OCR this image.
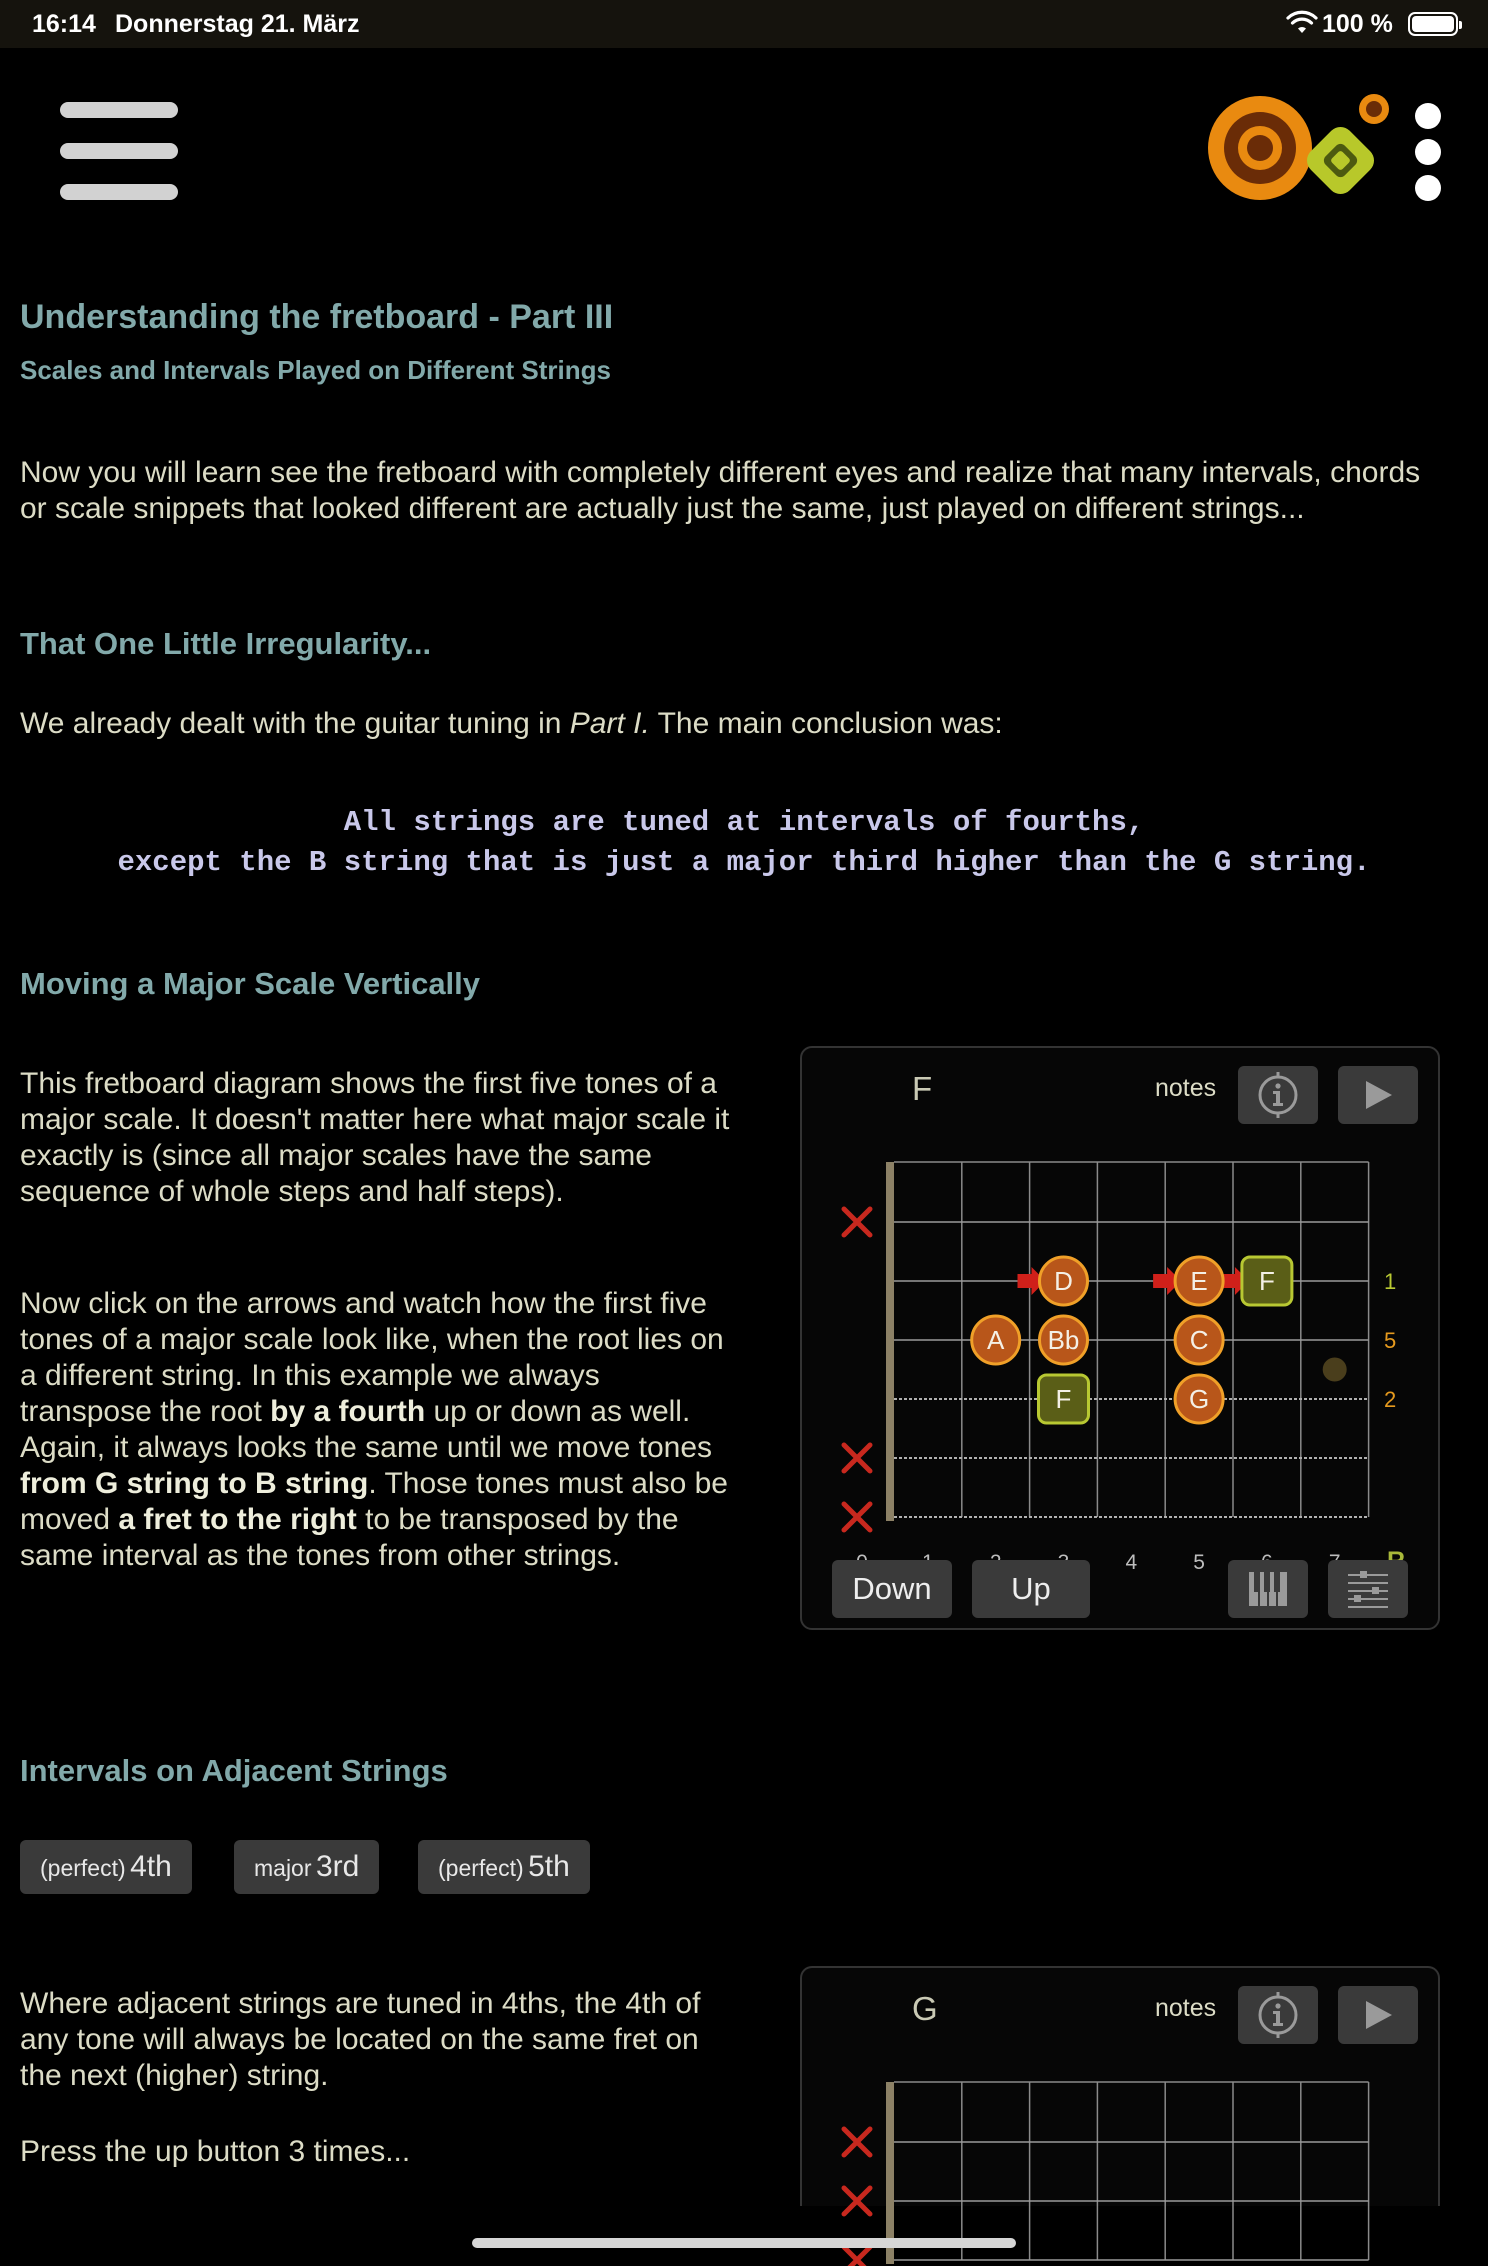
16:14 Donnerstag 21. März	100 %
Understanding the fretboard - Part III
Scales and Intervals Played on Different Strings
Now you will learn see the fretboard with completely different eyes and realize that many intervals, chords or scale snippets that looked different are actually just the same, just played on different strings...
That One Little Irregularity...
We already dealt with the guitar tuning in Part I. The main conclusion was:
All strings are tuned at intervals of fourths,
except the B string that is just a major third higher than the G string.
Moving a Major Scale Vertically
This fretboard diagram shows the first five tones of a major scale. It doesn't matter here what major scale it exactly is (since all major scales have the same sequence of whole steps and half steps).
Now click on the arrows and watch how the first five tones of a major scale look like, when the root lies on a different string. In this example we always transpose the root by a fourth up or down as well. Again, it always looks the same until we move tones from G string to B string. Those tones must also be moved a fret to the right to be transposed by the same interval as the tones from other strings.
F	notes
D	E F
A Bb	C
F	G
1
5
2
4	5
Down	Up
Intervals on Adjacent Strings
(perfect) 4th	major 3rd	(perfect) 5th
Where adjacent strings are tuned in 4ths, the 4th of any tone will always be located on the same fret on the next (higher) string.
Press the up button 3 times...
G	notes
